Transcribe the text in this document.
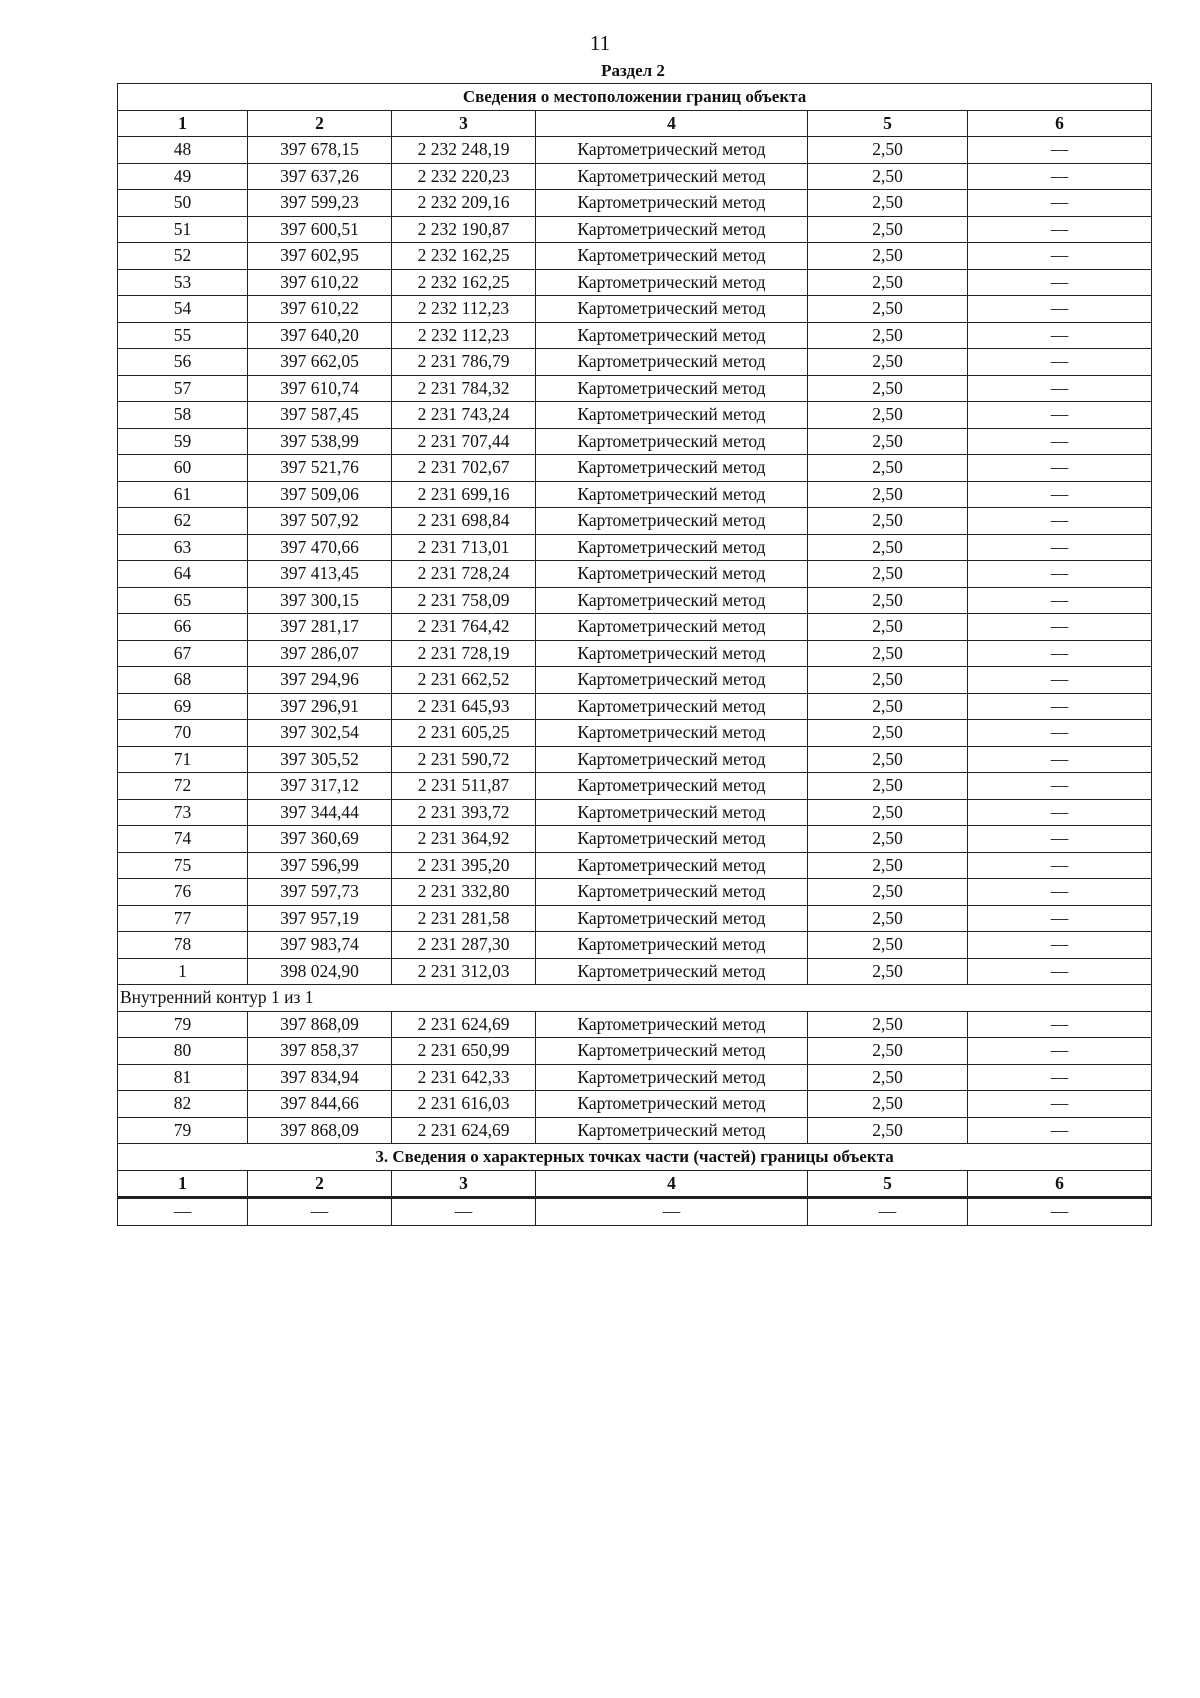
11
Раздел 2
Сведения о местоположении границ объекта					
1	2	3	4	5	6
48	397 678,15	2 232 248,19	Картометрический метод	2,50	—
49	397 637,26	2 232 220,23	Картометрический метод	2,50	—
50	397 599,23	2 232 209,16	Картометрический метод	2,50	—
51	397 600,51	2 232 190,87	Картометрический метод	2,50	—
52	397 602,95	2 232 162,25	Картометрический метод	2,50	—
53	397 610,22	2 232 162,25	Картометрический метод	2,50	—
54	397 610,22	2 232 112,23	Картометрический метод	2,50	—
55	397 640,20	2 232 112,23	Картометрический метод	2,50	—
56	397 662,05	2 231 786,79	Картометрический метод	2,50	—
57	397 610,74	2 231 784,32	Картометрический метод	2,50	—
58	397 587,45	2 231 743,24	Картометрический метод	2,50	—
59	397 538,99	2 231 707,44	Картометрический метод	2,50	—
60	397 521,76	2 231 702,67	Картометрический метод	2,50	—
61	397 509,06	2 231 699,16	Картометрический метод	2,50	—
62	397 507,92	2 231 698,84	Картометрический метод	2,50	—
63	397 470,66	2 231 713,01	Картометрический метод	2,50	—
64	397 413,45	2 231 728,24	Картометрический метод	2,50	—
65	397 300,15	2 231 758,09	Картометрический метод	2,50	—
66	397 281,17	2 231 764,42	Картометрический метод	2,50	—
67	397 286,07	2 231 728,19	Картометрический метод	2,50	—
68	397 294,96	2 231 662,52	Картометрический метод	2,50	—
69	397 296,91	2 231 645,93	Картометрический метод	2,50	—
70	397 302,54	2 231 605,25	Картометрический метод	2,50	—
71	397 305,52	2 231 590,72	Картометрический метод	2,50	—
72	397 317,12	2 231 511,87	Картометрический метод	2,50	—
73	397 344,44	2 231 393,72	Картометрический метод	2,50	—
74	397 360,69	2 231 364,92	Картометрический метод	2,50	—
75	397 596,99	2 231 395,20	Картометрический метод	2,50	—
76	397 597,73	2 231 332,80	Картометрический метод	2,50	—
77	397 957,19	2 231 281,58	Картометрический метод	2,50	—
78	397 983,74	2 231 287,30	Картометрический метод	2,50	—
1	398 024,90	2 231 312,03	Картометрический метод	2,50	—
Внутренний контур 1 из 1					
79	397 868,09	2 231 624,69	Картометрический метод	2,50	—
80	397 858,37	2 231 650,99	Картометрический метод	2,50	—
81	397 834,94	2 231 642,33	Картометрический метод	2,50	—
82	397 844,66	2 231 616,03	Картометрический метод	2,50	—
79	397 868,09	2 231 624,69	Картометрический метод	2,50	—
3. Сведения о характерных точках части (частей) границы объекта					
1	2	3	4	5	6
—	—	—	—	—	—
